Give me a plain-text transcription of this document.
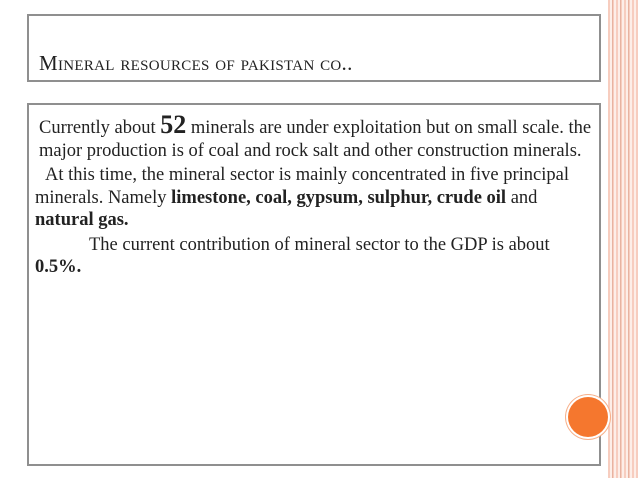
Mineral resources of pakistan co..

Currently about 52 minerals are under exploitation but on small scale. the major production is of coal and rock salt and other construction minerals.

At this time, the mineral sector is mainly concentrated in five principal minerals. Namely limestone, coal, gypsum, sulphur, crude oil and natural gas.

The current contribution of mineral sector to the GDP is about 0.5%.
